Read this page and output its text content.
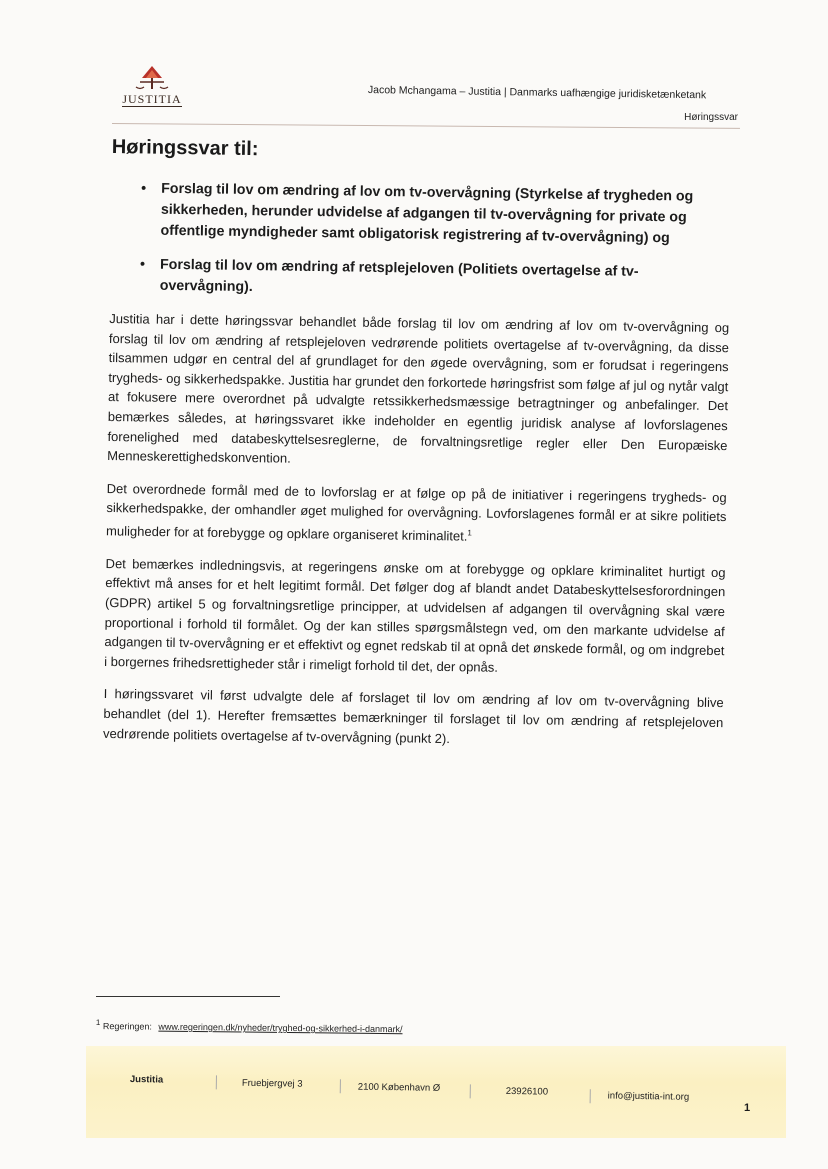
JUSTITIA	Jacob Mchangama – Justitia | Danmarks uafhængige juridisketænketank
Høringssvar
Høringssvar til:
• Forslag til lov om ændring af lov om tv-overvågning (Styrkelse af trygheden og sikkerheden, herunder udvidelse af adgangen til tv-overvågning for private og offentlige myndigheder samt obligatorisk registrering af tv-overvågning) og
• Forslag til lov om ændring af retsplejeloven (Politiets overtagelse af tv-overvågning).

Justitia har i dette høringssvar behandlet både forslag til lov om ændring af lov om tv-overvågning og forslag til lov om ændring af retsplejeloven vedrørende politiets overtagelse af tv-overvågning, da disse tilsammen udgør en central del af grundlaget for den øgede overvågning, som er forudsat i regeringens trygheds- og sikkerhedspakke. Justitia har grundet den forkortede høringsfrist som følge af jul og nytår valgt at fokusere mere overordnet på udvalgte retssikkerhedsmæssige betragtninger og anbefalinger. Det bemærkes således, at høringssvaret ikke indeholder en egentlig juridisk analyse af lovforslagenes forenelighed med databeskyttelsesreglerne, de forvaltningsretlige regler eller Den Europæiske Menneskerettighedskonvention.

Det overordnede formål med de to lovforslag er at følge op på de initiativer i regeringens trygheds- og sikkerhedspakke, der omhandler øget mulighed for overvågning. Lovforslagenes formål er at sikre politiets muligheder for at forebygge og opklare organiseret kriminalitet.$^1$

Det bemærkes indledningsvis, at regeringens ønske om at forebygge og opklare kriminalitet hurtigt og effektivt må anses for et helt legitimt formål. Det følger dog af blandt andet Databeskyttelsesforordningen (GDPR) artikel 5 og forvaltningsretlige principper, at udvidelsen af adgangen til overvågning skal være proportional i forhold til formålet. Og der kan stilles spørgsmålstegn ved, om den markante udvidelse af adgangen til tv-overvågning er et effektivt og egnet redskab til at opnå det ønskede formål, og om indgrebet i borgernes frihedsrettigheder står i rimeligt forhold til det, der opnås.

I høringssvaret vil først udvalgte dele af forslaget til lov om ændring af lov om tv-overvågning blive behandlet (del 1). Herefter fremsættes bemærkninger til forslaget til lov om ændring af retsplejeloven vedrørende politiets overtagelse af tv-overvågning (punkt 2).

$^1$ Regeringen: www.regeringen.dk/nyheder/tryghed-og-sikkerhed-i-danmark/
Justitia	Fruebjergvej 3	2100 København Ø	23926100	info@justitia-int.org
1
